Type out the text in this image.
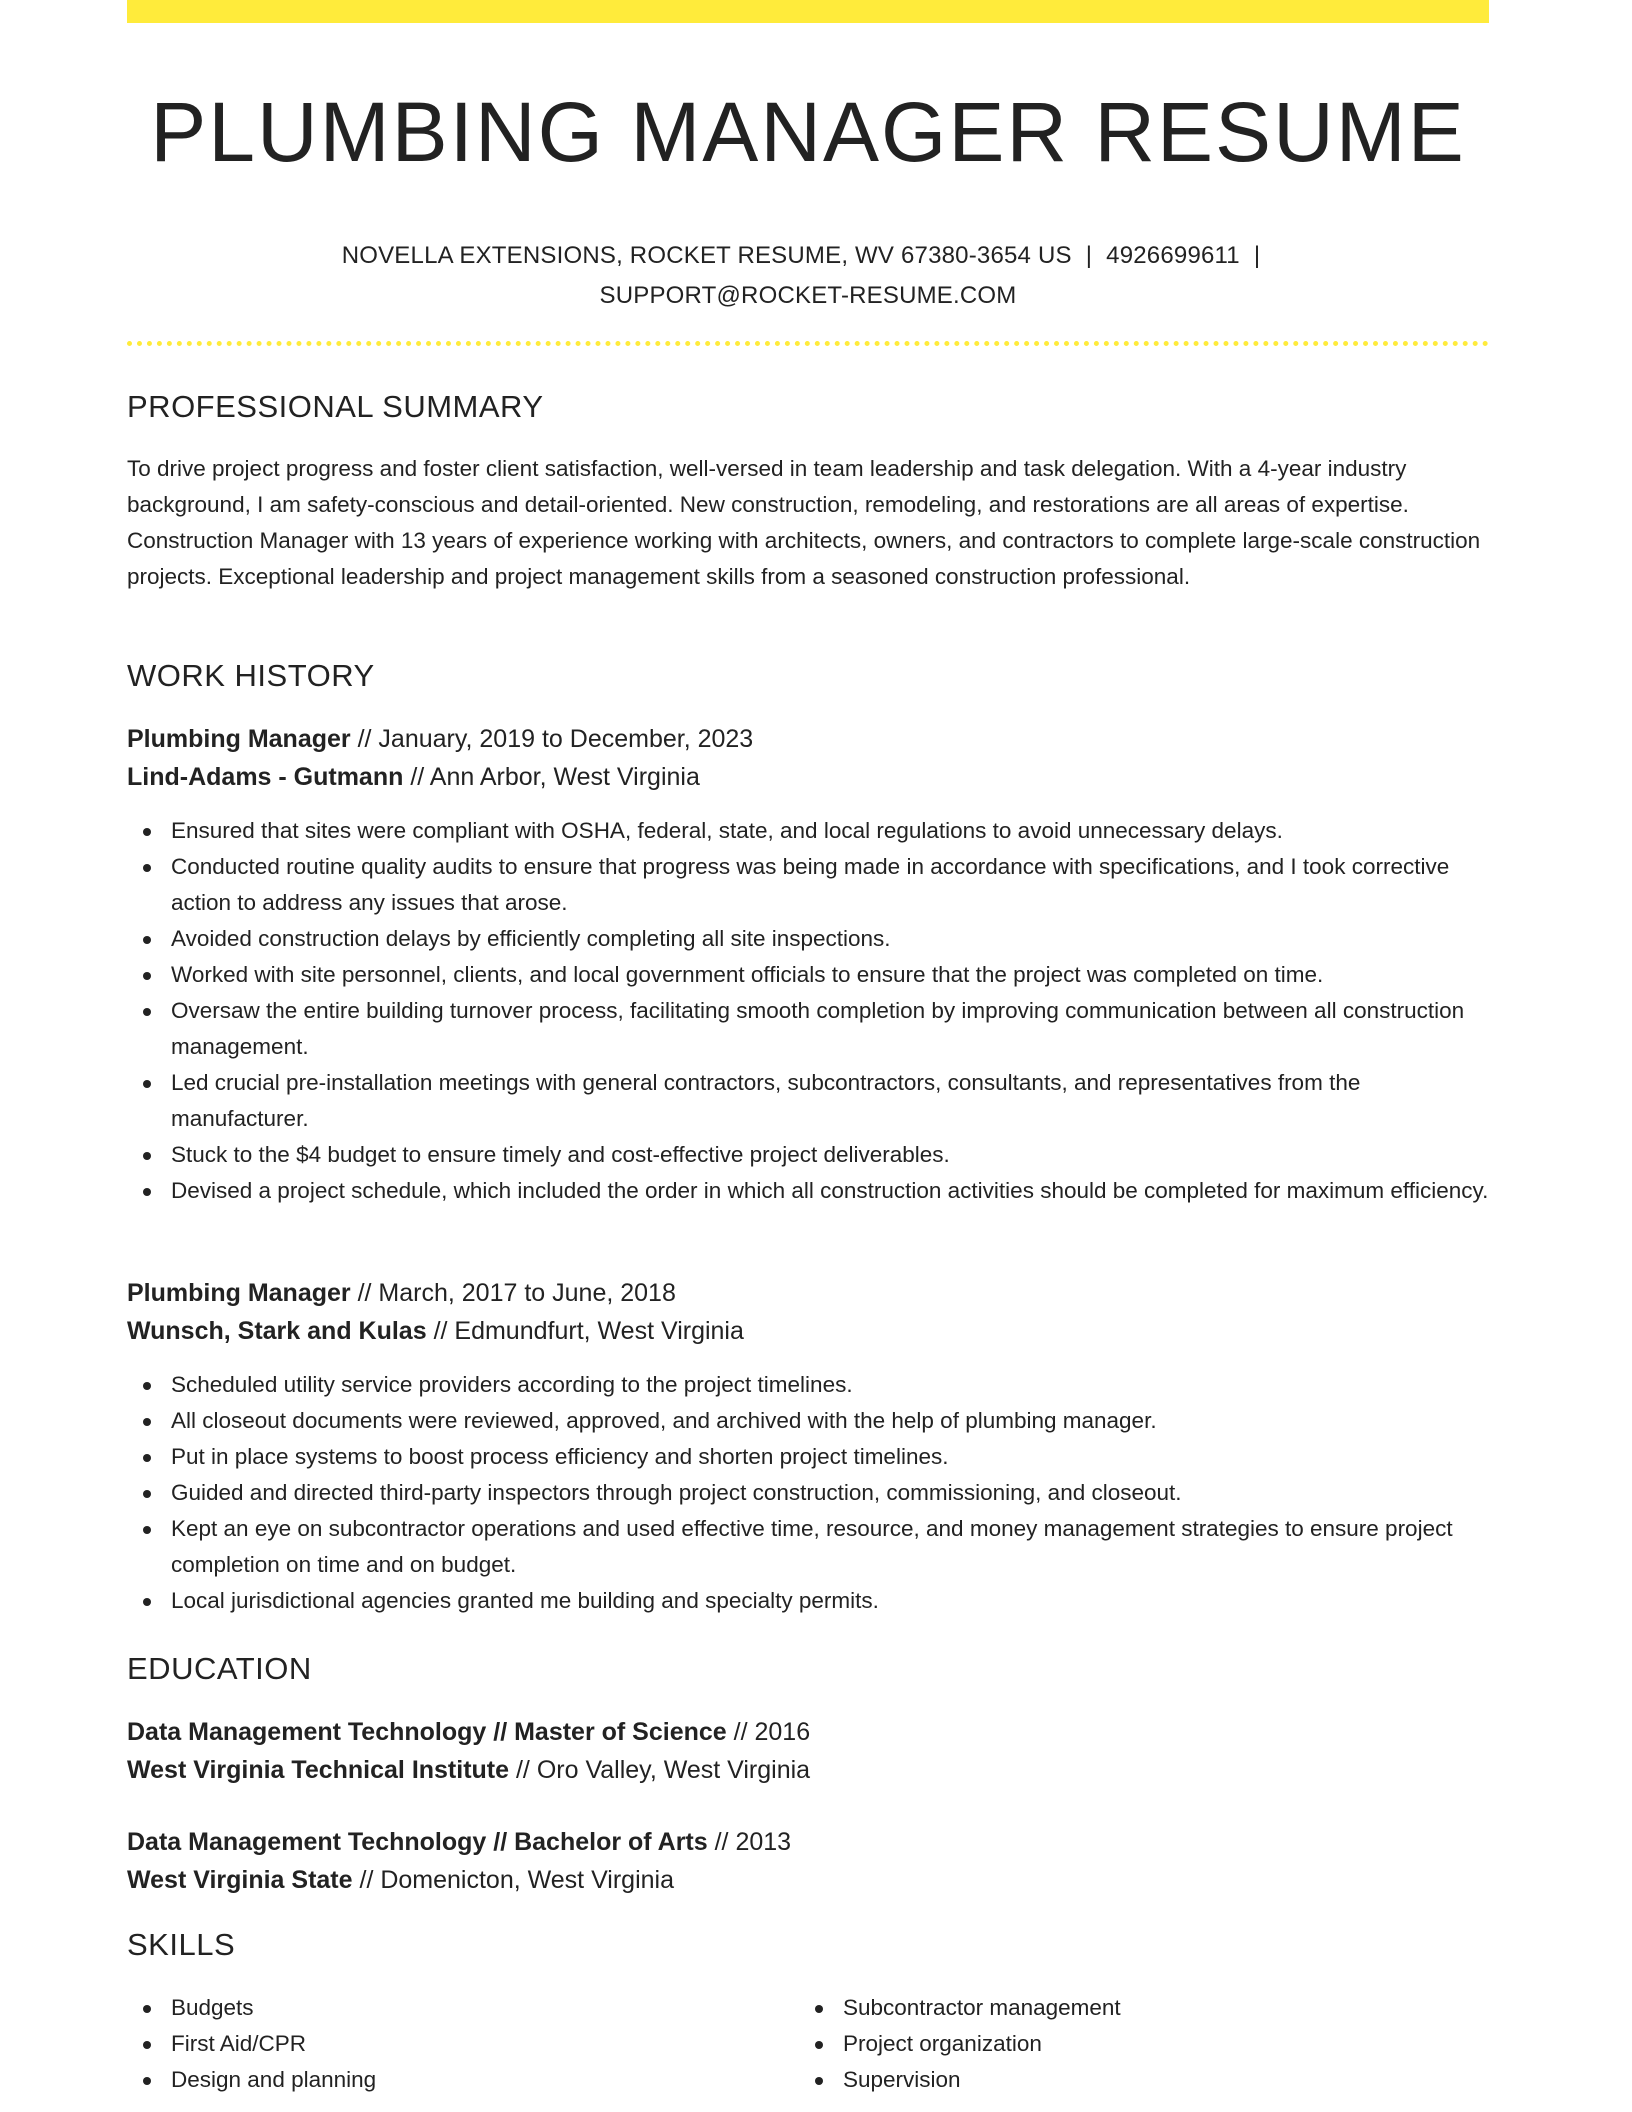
PLUMBING MANAGER RESUME
NOVELLA EXTENSIONS, ROCKET RESUME, WV 67380-3654 US | 4926699611 |
SUPPORT@ROCKET-RESUME.COM
PROFESSIONAL SUMMARY

To drive project progress and foster client satisfaction, well-versed in team leadership and task delegation. With a 4-year industry background, I am safety-conscious and detail-oriented. New construction, remodeling, and restorations are all areas of expertise. Construction Manager with 13 years of experience working with architects, owners, and contractors to complete large-scale construction projects. Exceptional leadership and project management skills from a seasoned construction professional.

WORK HISTORY
Plumbing Manager // January, 2019 to December, 2023
Lind-Adams - Gutmann // Ann Arbor, West Virginia
Ensured that sites were compliant with OSHA, federal, state, and local regulations to avoid unnecessary delays.
Conducted routine quality audits to ensure that progress was being made in accordance with specifications, and I took corrective action to address any issues that arose.
Avoided construction delays by efficiently completing all site inspections.
Worked with site personnel, clients, and local government officials to ensure that the project was completed on time.
Oversaw the entire building turnover process, facilitating smooth completion by improving communication between all construction management.
Led crucial pre-installation meetings with general contractors, subcontractors, consultants, and representatives from the manufacturer.
Stuck to the $4 budget to ensure timely and cost-effective project deliverables.
Devised a project schedule, which included the order in which all construction activities should be completed for maximum efficiency.
Plumbing Manager // March, 2017 to June, 2018
Wunsch, Stark and Kulas // Edmundfurt, West Virginia
Scheduled utility service providers according to the project timelines.
All closeout documents were reviewed, approved, and archived with the help of plumbing manager.
Put in place systems to boost process efficiency and shorten project timelines.
Guided and directed third-party inspectors through project construction, commissioning, and closeout.
Kept an eye on subcontractor operations and used effective time, resource, and money management strategies to ensure project completion on time and on budget.
Local jurisdictional agencies granted me building and specialty permits.
EDUCATION
Data Management Technology // Master of Science // 2016
West Virginia Technical Institute // Oro Valley, West Virginia
Data Management Technology // Bachelor of Arts // 2013
West Virginia State // Domenicton, West Virginia
SKILLS
Budgets
First Aid/CPR
Design and planning
Subcontractor management
Project organization
Supervision
